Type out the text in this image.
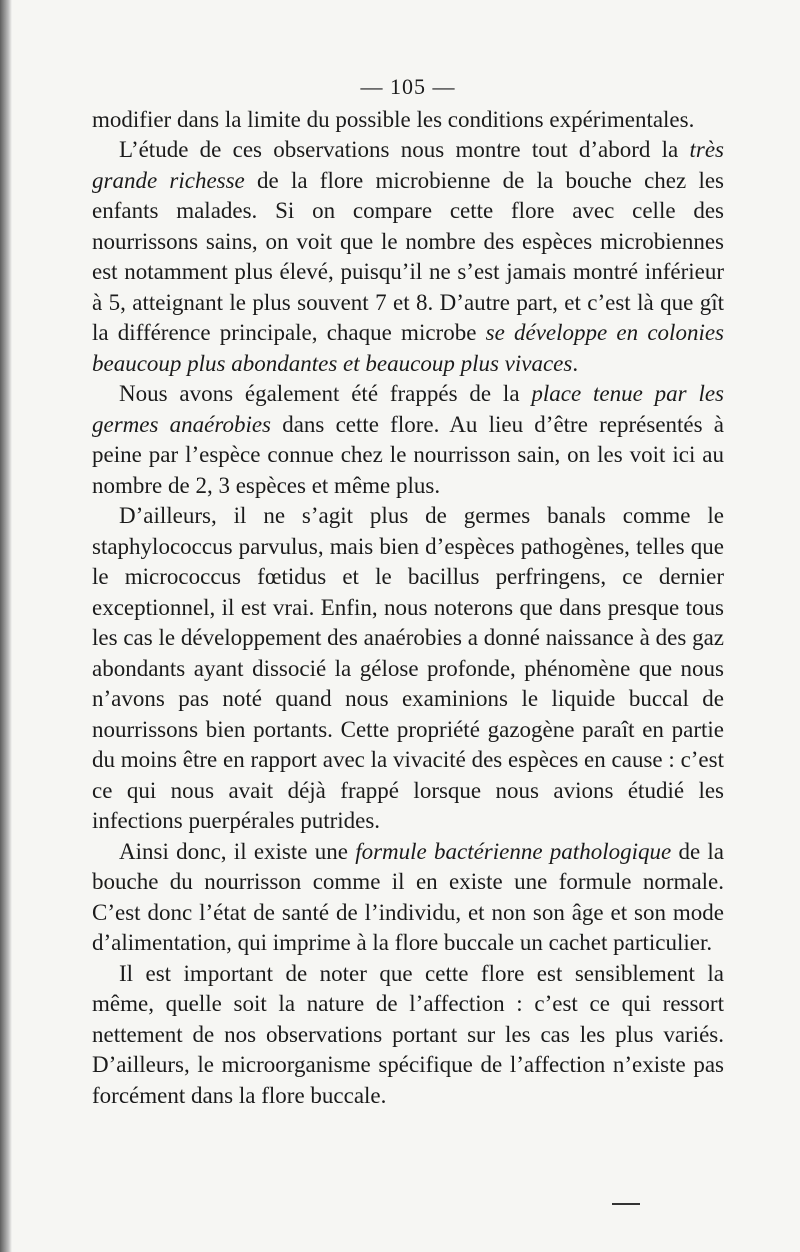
— 105 —

modifier dans la limite du possible les conditions expérimentales.

L’étude de ces observations nous montre tout d’abord la très grande richesse de la flore microbienne de la bouche chez les enfants malades. Si on compare cette flore avec celle des nourrissons sains, on voit que le nombre des espèces microbiennes est notamment plus élevé, puisqu’il ne s’est jamais montré inférieur à 5, atteignant le plus souvent 7 et 8. D’autre part, et c’est là que gît la différence principale, chaque microbe se développe en colonies beaucoup plus abondantes et beaucoup plus vivaces.

Nous avons également été frappés de la place tenue par les germes anaérobies dans cette flore. Au lieu d’être représentés à peine par l’espèce connue chez le nourrisson sain, on les voit ici au nombre de 2, 3 espèces et même plus.

D’ailleurs, il ne s’agit plus de germes banals comme le staphylococcus parvulus, mais bien d’espèces pathogènes, telles que le micrococcus fœtidus et le bacillus perfringens, ce dernier exceptionnel, il est vrai. Enfin, nous noterons que dans presque tous les cas le développement des anaérobies a donné naissance à des gaz abondants ayant dissocié la gélose profonde, phénomène que nous n’avons pas noté quand nous examinions le liquide buccal de nourrissons bien portants. Cette propriété gazogène paraît en partie du moins être en rapport avec la vivacité des espèces en cause : c’est ce qui nous avait déjà frappé lorsque nous avions étudié les infections puerpérales putrides.

Ainsi donc, il existe une formule bactérienne pathologique de la bouche du nourrisson comme il en existe une formule normale. C’est donc l’état de santé de l’individu, et non son âge et son mode d’alimentation, qui imprime à la flore buccale un cachet particulier.

Il est important de noter que cette flore est sensiblement la même, quelle soit la nature de l’affection : c’est ce qui ressort nettement de nos observations portant sur les cas les plus variés. D’ailleurs, le microorganisme spécifique de l’affection n’existe pas forcément dans la flore buccale.
